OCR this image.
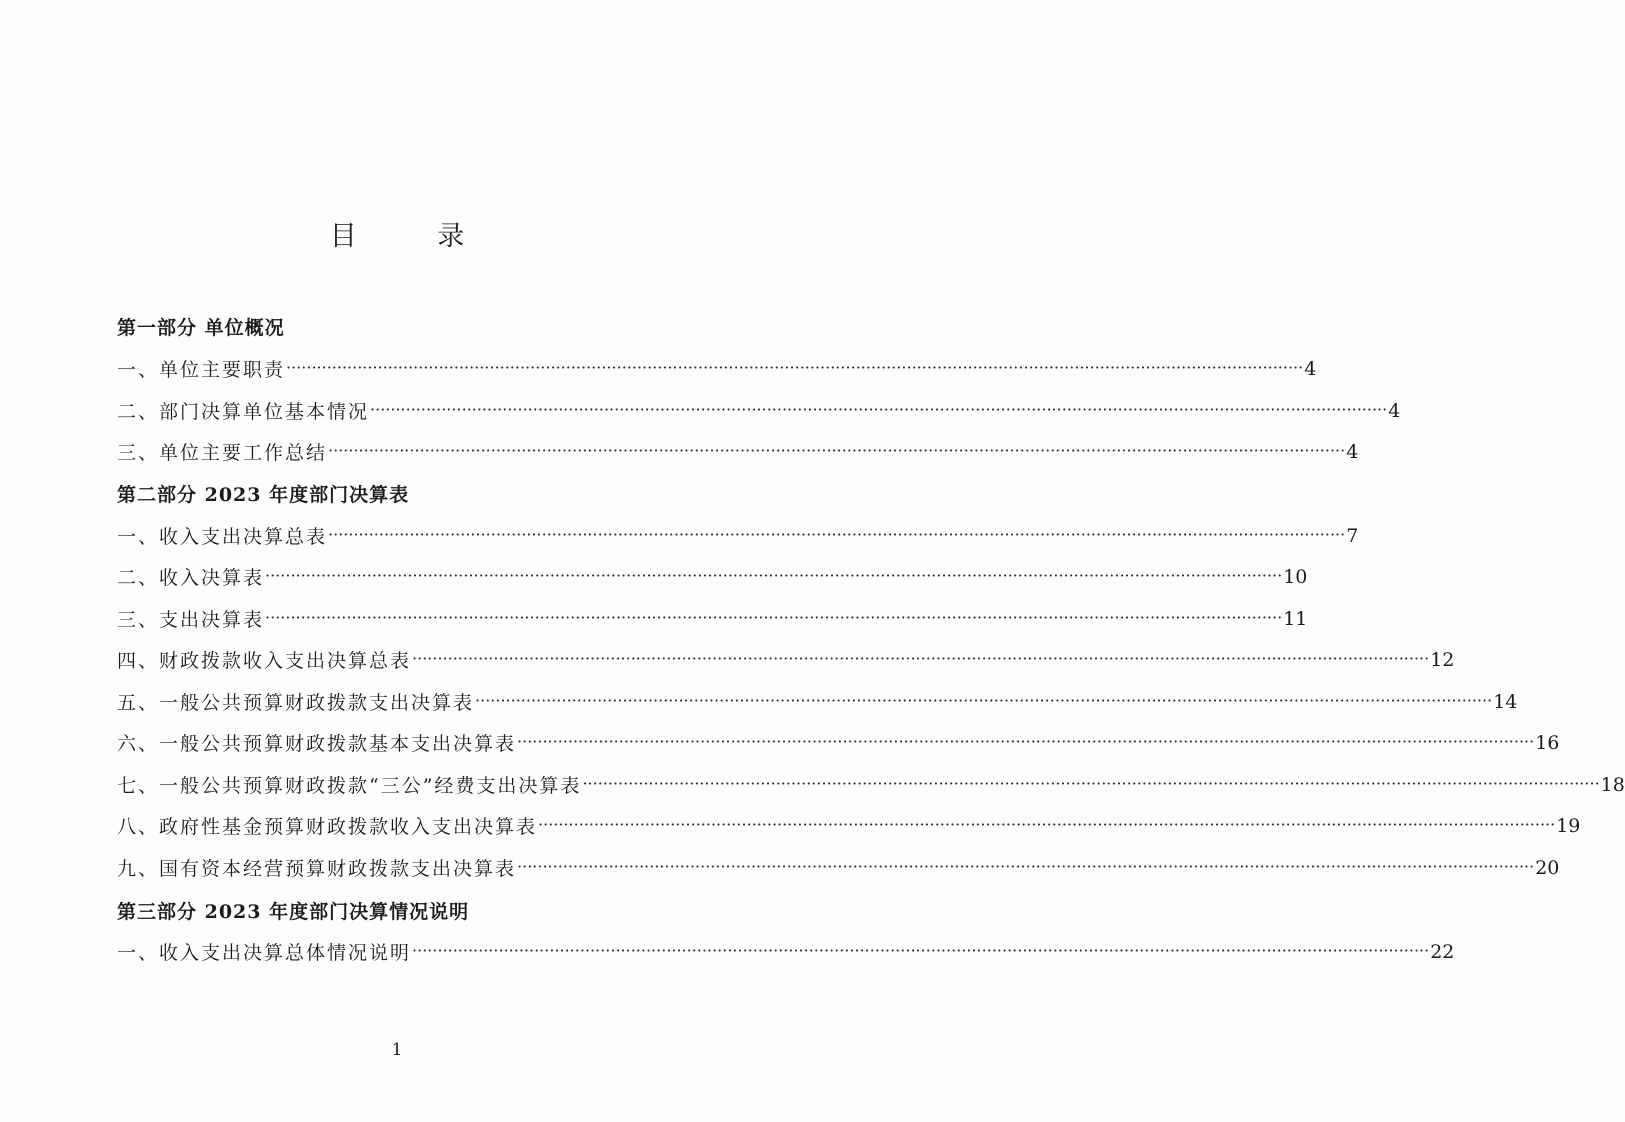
目 录
第一部分 单位概况
一、单位主要职责 ········································································································································································································ 4
二、部门决算单位基本情况 ········································································································································································································ 4
三、单位主要工作总结 ········································································································································································································ 4
第二部分 2023 年度部门决算表
一、收入支出决算总表 ········································································································································································································ 7
二、收入决算表 ········································································································································································································ 10
三、支出决算表 ········································································································································································································ 11
四、财政拨款收入支出决算总表 ········································································································································································································ 12
五、一般公共预算财政拨款支出决算表 ········································································································································································································ 14
六、一般公共预算财政拨款基本支出决算表 ········································································································································································································ 16
七、一般公共预算财政拨款“三公”经费支出决算表 ········································································································································································································ 18
八、政府性基金预算财政拨款收入支出决算表 ········································································································································································································ 19
九、国有资本经营预算财政拨款支出决算表 ········································································································································································································ 20
第三部分 2023 年度部门决算情况说明
一、收入支出决算总体情况说明 ········································································································································································································ 22
1
